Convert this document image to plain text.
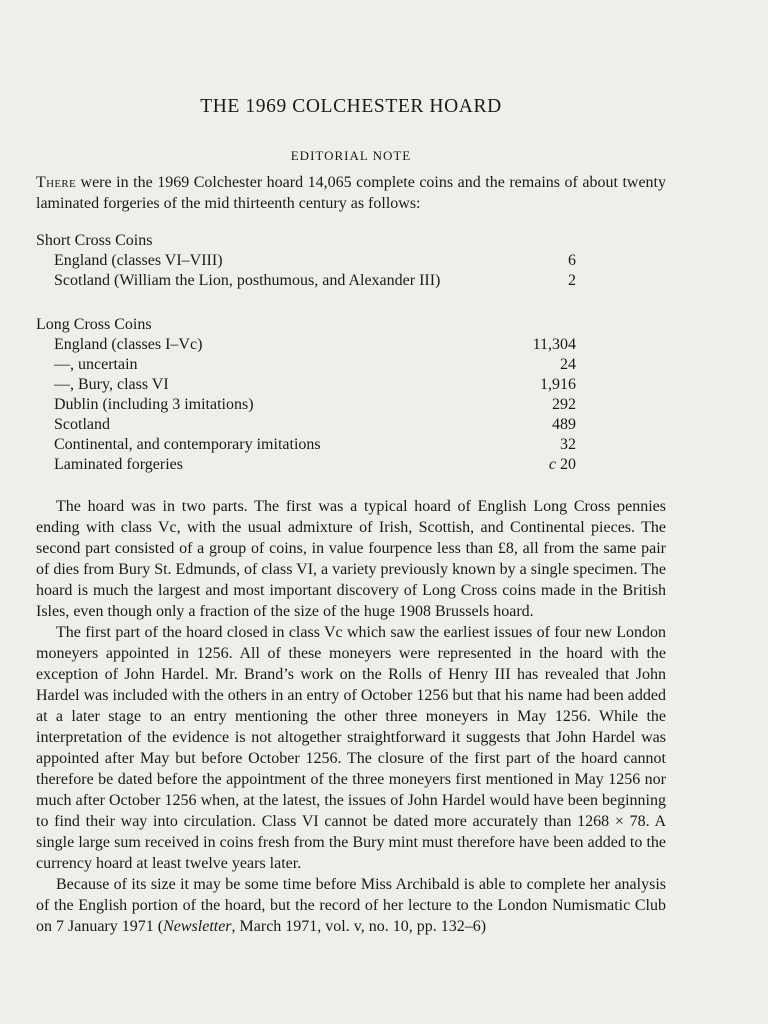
THE 1969 COLCHESTER HOARD
EDITORIAL NOTE

There were in the 1969 Colchester hoard 14,065 complete coins and the remains of about twenty laminated forgeries of the mid thirteenth century as follows:

Short Cross Coins
England (classes VI–VIII)	6
Scotland (William the Lion, posthumous, and Alexander III)	2
Long Cross Coins
England (classes I–Vc)	11,304
—, uncertain	24
—, Bury, class VI	1,916
Dublin (including 3 imitations)	292
Scotland	489
Continental, and contemporary imitations	32
Laminated forgeries	c 20

The hoard was in two parts. The first was a typical hoard of English Long Cross pennies ending with class Vc, with the usual admixture of Irish, Scottish, and Continental pieces. The second part consisted of a group of coins, in value fourpence less than £8, all from the same pair of dies from Bury St. Edmunds, of class VI, a variety previously known by a single specimen. The hoard is much the largest and most important discovery of Long Cross coins made in the British Isles, even though only a fraction of the size of the huge 1908 Brussels hoard.

The first part of the hoard closed in class Vc which saw the earliest issues of four new London moneyers appointed in 1256. All of these moneyers were represented in the hoard with the exception of John Hardel. Mr. Brand’s work on the Rolls of Henry III has revealed that John Hardel was included with the others in an entry of October 1256 but that his name had been added at a later stage to an entry mentioning the other three moneyers in May 1256. While the interpretation of the evidence is not altogether straightforward it suggests that John Hardel was appointed after May but before October 1256. The closure of the first part of the hoard cannot therefore be dated before the appointment of the three moneyers first mentioned in May 1256 nor much after October 1256 when, at the latest, the issues of John Hardel would have been beginning to find their way into circulation. Class VI cannot be dated more accurately than 1268 × 78. A single large sum received in coins fresh from the Bury mint must therefore have been added to the currency hoard at least twelve years later.

Because of its size it may be some time before Miss Archibald is able to complete her analysis of the English portion of the hoard, but the record of her lecture to the London Numismatic Club on 7 January 1971 (Newsletter, March 1971, vol. v, no. 10, pp. 132–6)
